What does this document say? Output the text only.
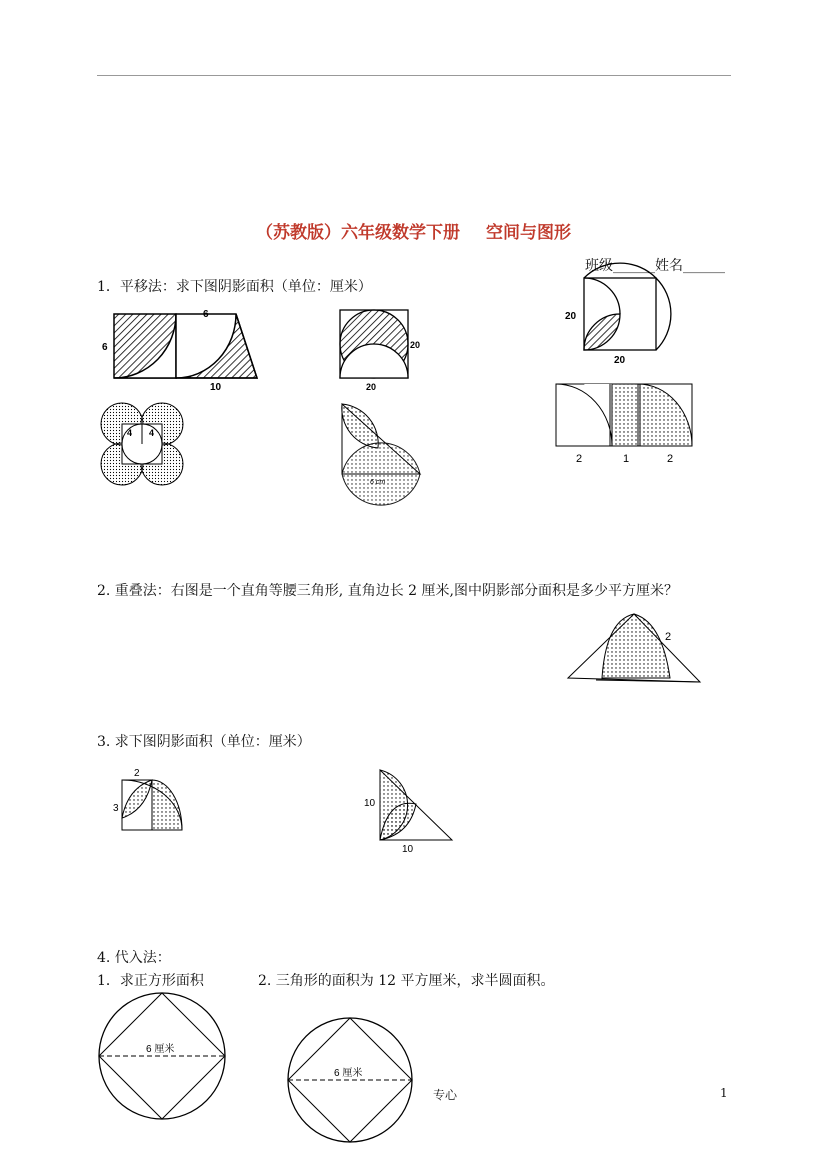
（苏教版）六年级数学下册 空间与图形
班级______姓名______
1．平移法：求下图阴影面积（单位：厘米）
6
6
10
20
20
20
20
4 4
6 cm
2	1	2
2. 重叠法：右图是一个直角等腰三角形, 直角边长 2 厘米,图中阴影部分面积是多少平方厘米？
2
3. 求下图阴影面积（单位：厘米）
2
3	10
10
4. 代入法：
1．求正方形面积	2. 三角形的面积为 12 平方厘米，求半圆面积。
6 厘米
6 厘米
专心	1
